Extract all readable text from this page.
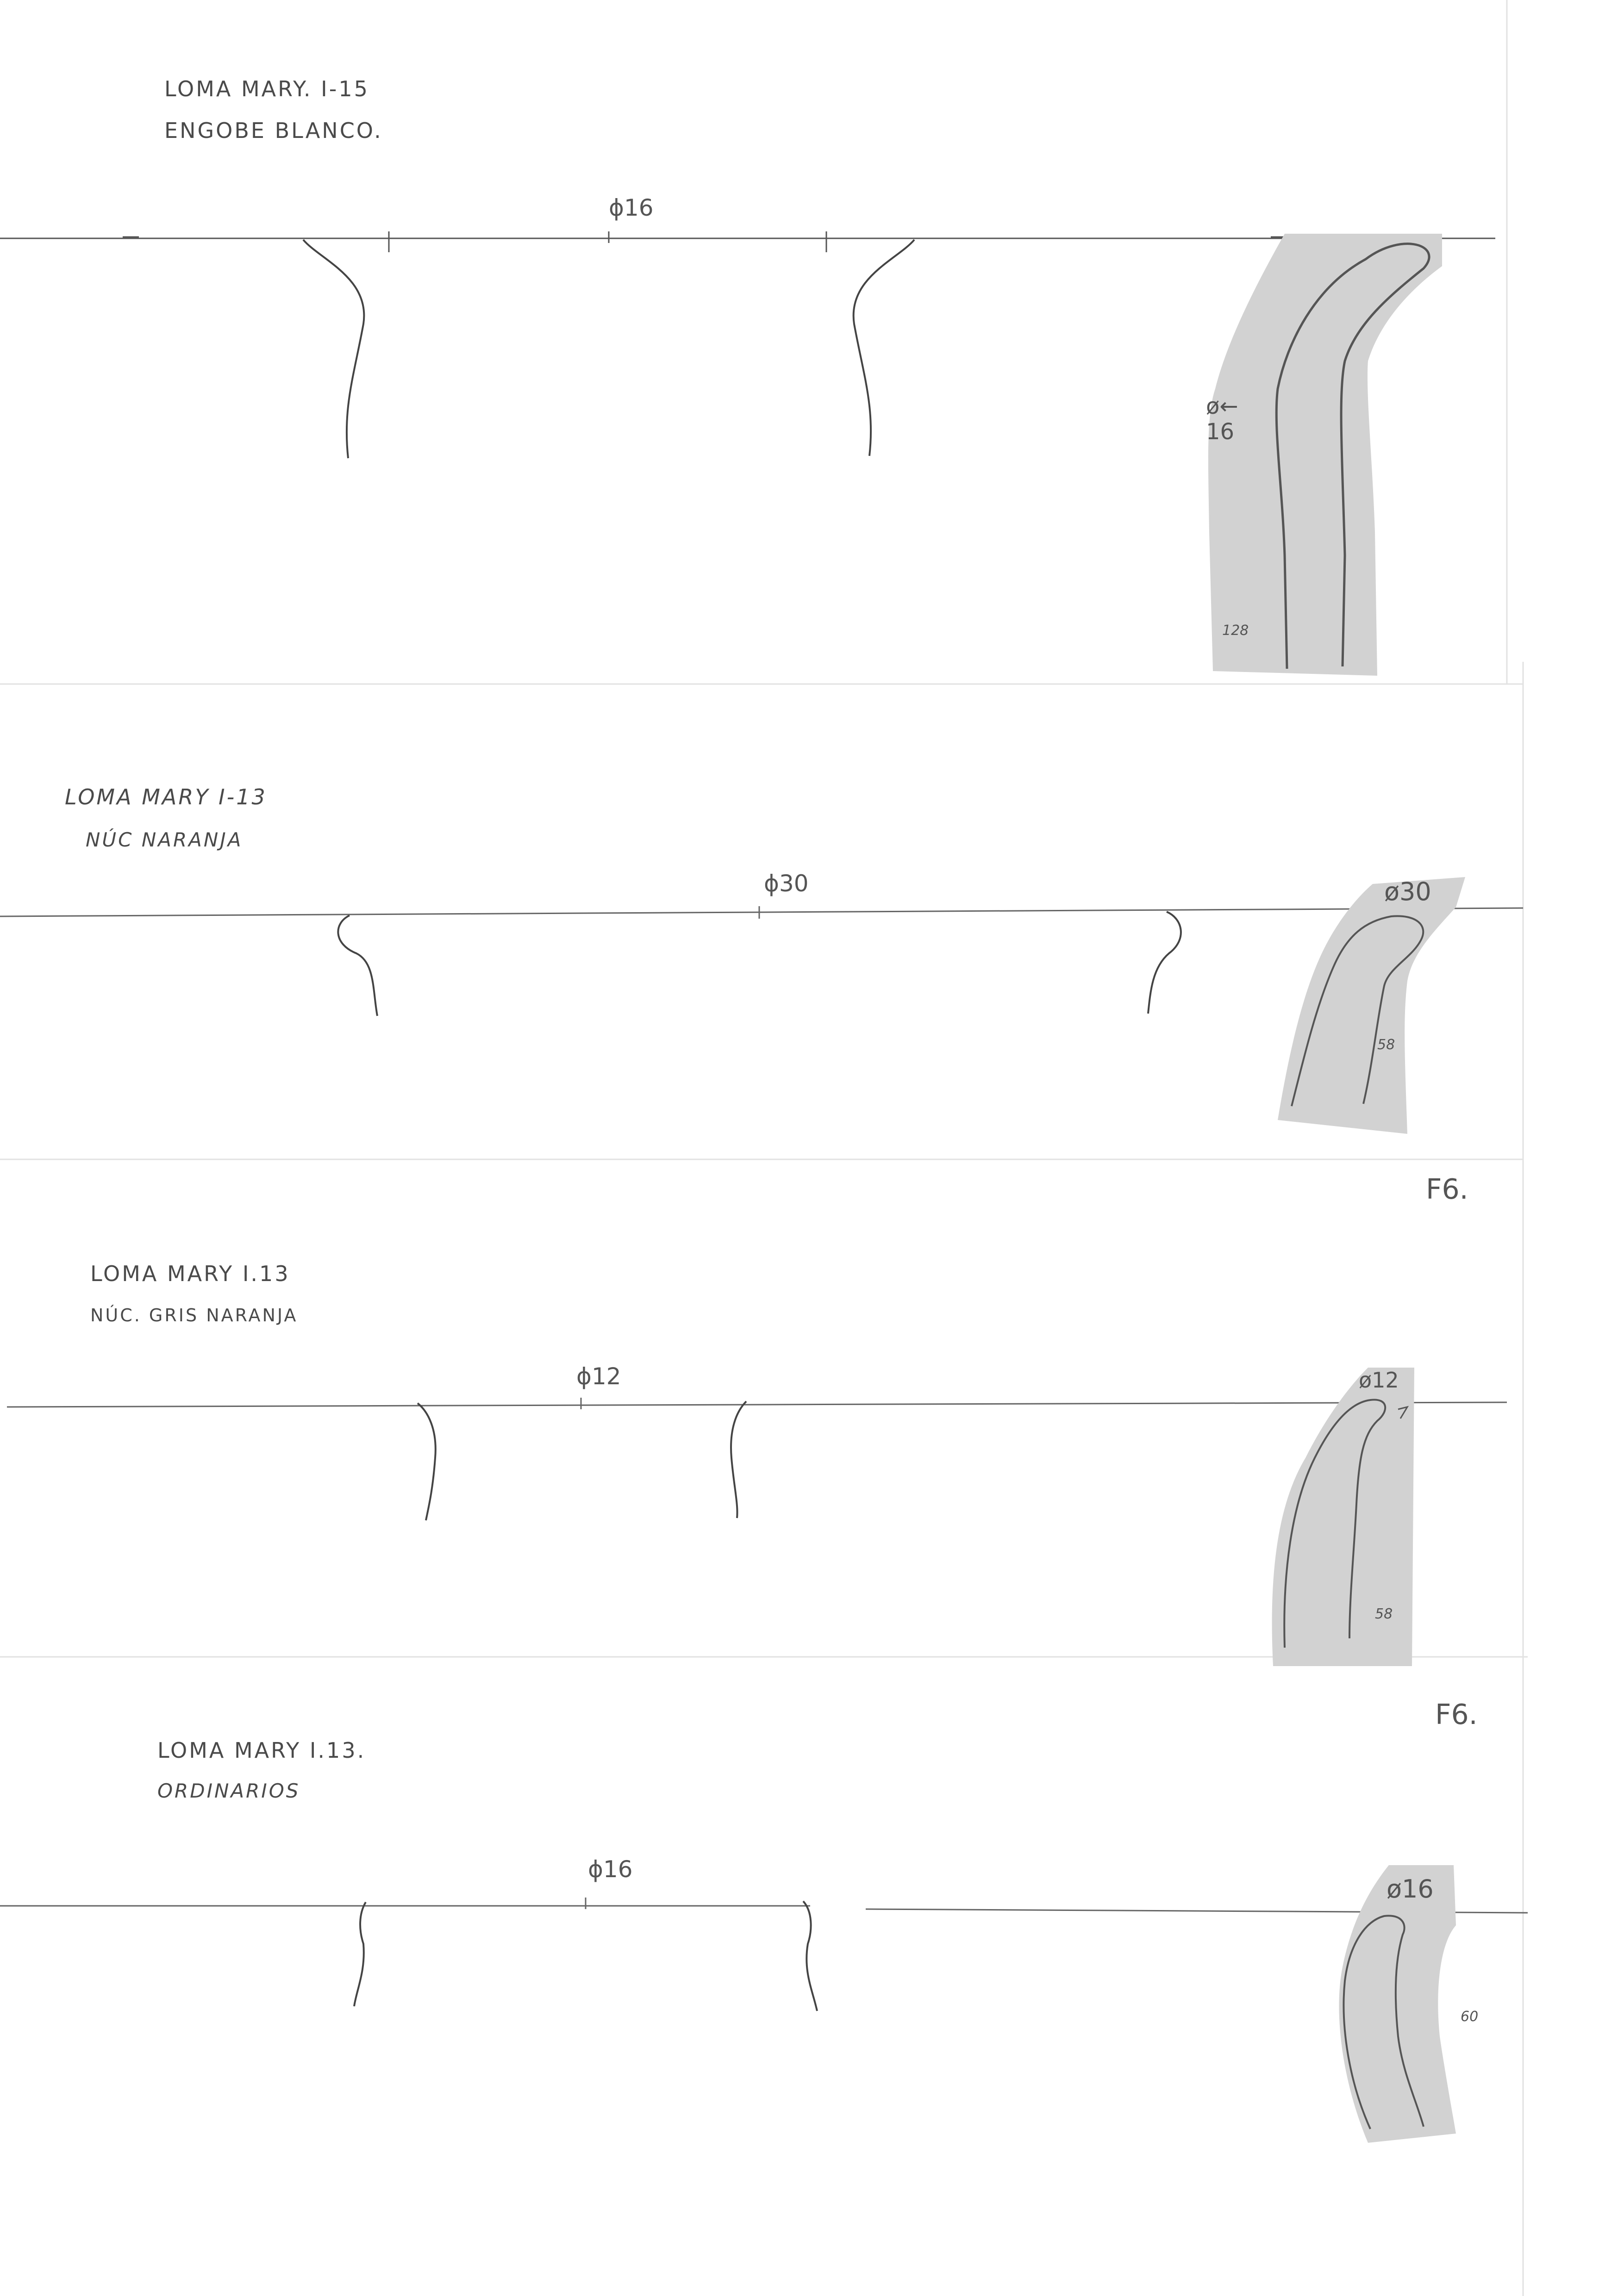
LOMA MARY. I-15

ENGOBE BLANCO.

ϕ16
ø←
16
128
LOMA MARY I-13

NÚC NARANJA

ϕ30	ø30
58
F6.
LOMA MARY I.13

NÚC. GRIS NARANJA

ϕ12	ø12
58
F6.
LOMA MARY I.13.

ORDINARIOS

ϕ16
ø16
60
